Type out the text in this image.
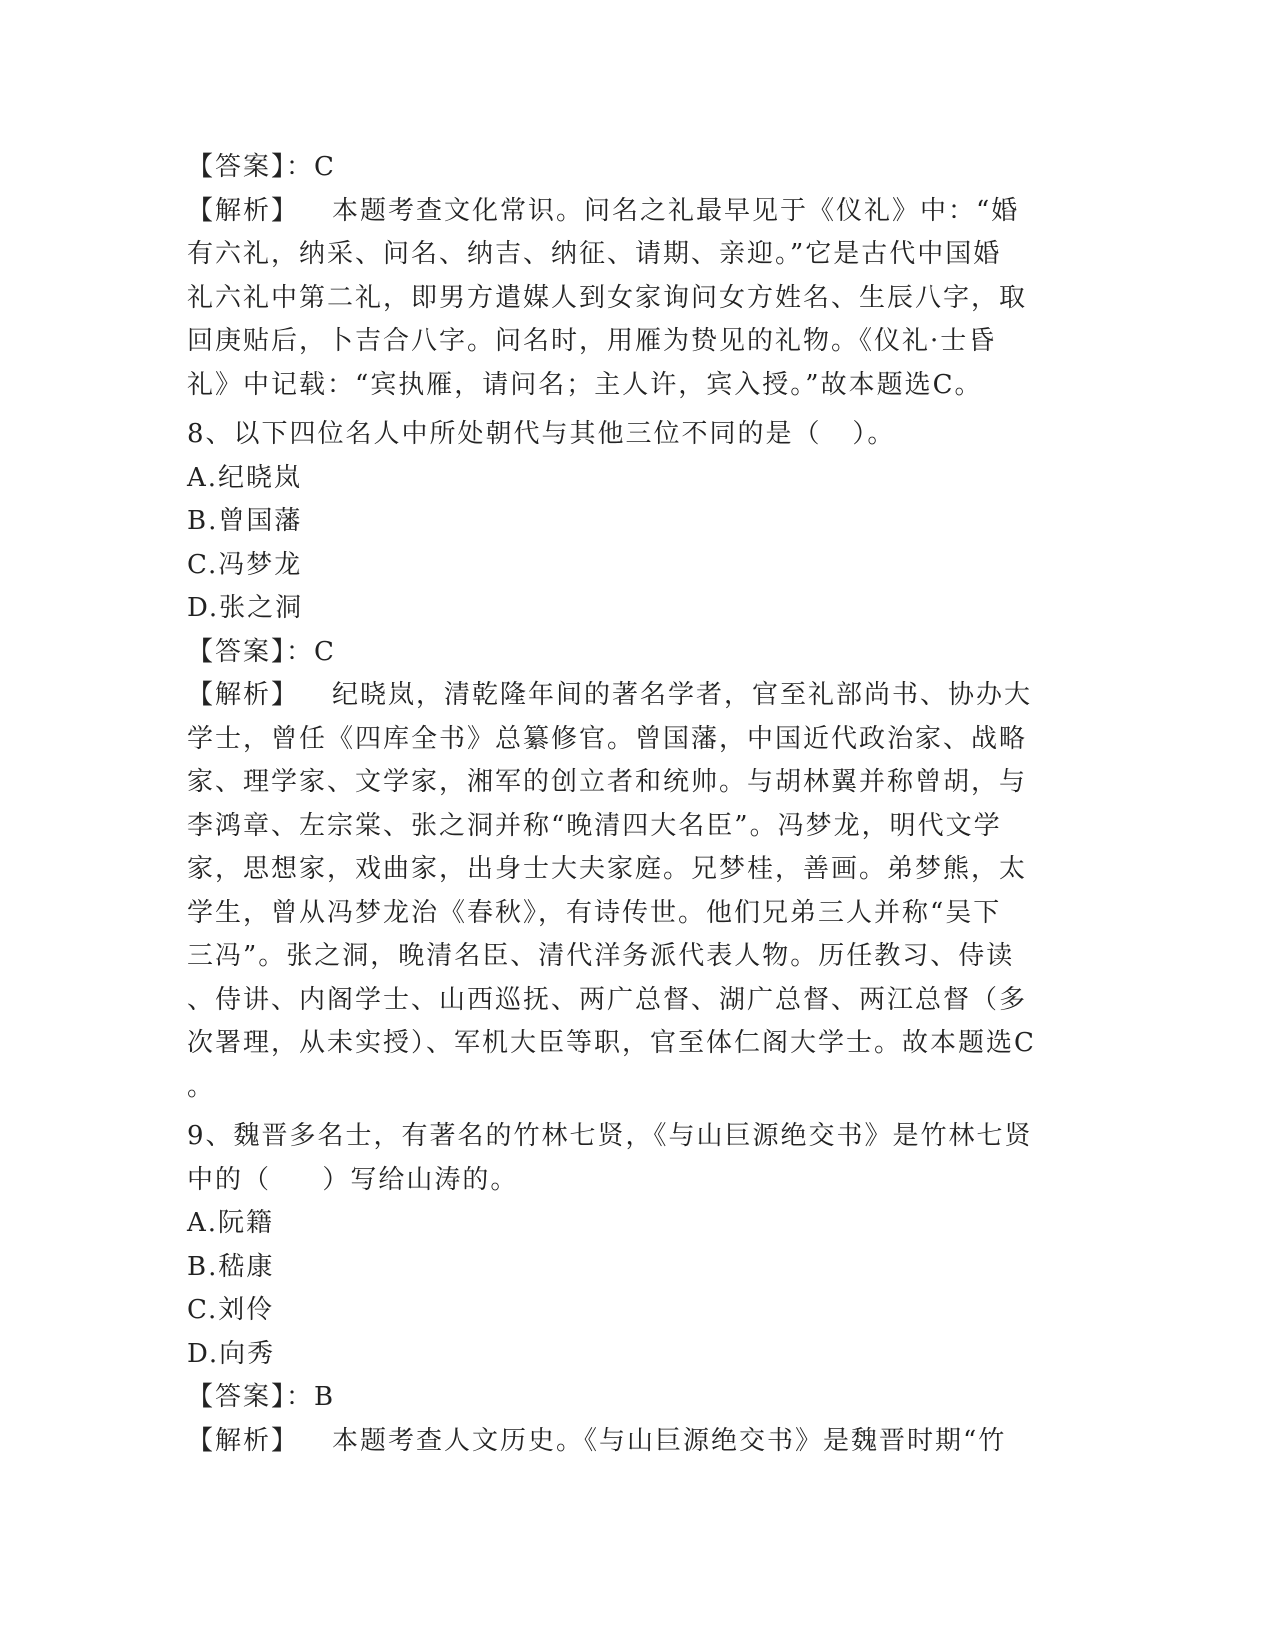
【答案】：C
【解析】 本题考查文化常识。问名之礼最早见于《仪礼》中：“婚
有六礼，纳采、问名、纳吉、纳征、请期、亲迎。”它是古代中国婚
礼六礼中第二礼，即男方遣媒人到女家询问女方姓名、生辰八字，取
回庚贴后，卜吉合八字。问名时，用雁为贽见的礼物。《仪礼·士昏
礼》中记载：“宾执雁，请问名；主人许，宾入授。”故本题选C。
8、以下四位名人中所处朝代与其他三位不同的是（   ）。
A.纪晓岚
B.曾国藩
C.冯梦龙
D.张之洞
【答案】：C
【解析】 纪晓岚，清乾隆年间的著名学者，官至礼部尚书、协办大
学士，曾任《四库全书》总纂修官。曾国藩，中国近代政治家、战略
家、理学家、文学家，湘军的创立者和统帅。与胡林翼并称曾胡，与
李鸿章、左宗棠、张之洞并称“晚清四大名臣”。冯梦龙，明代文学
家，思想家，戏曲家，出身士大夫家庭。兄梦桂，善画。弟梦熊，太
学生，曾从冯梦龙治《春秋》，有诗传世。他们兄弟三人并称“吴下
三冯”。张之洞，晚清名臣、清代洋务派代表人物。历任教习、侍读
、侍讲、内阁学士、山西巡抚、两广总督、湖广总督、两江总督（多
次署理，从未实授）、军机大臣等职，官至体仁阁大学士。故本题选C
。
9、魏晋多名士，有著名的竹林七贤，《与山巨源绝交书》是竹林七贤
中的（     ）写给山涛的。
A.阮籍
B.嵇康
C.刘伶
D.向秀
【答案】：B
【解析】 本题考查人文历史。《与山巨源绝交书》是魏晋时期“竹
